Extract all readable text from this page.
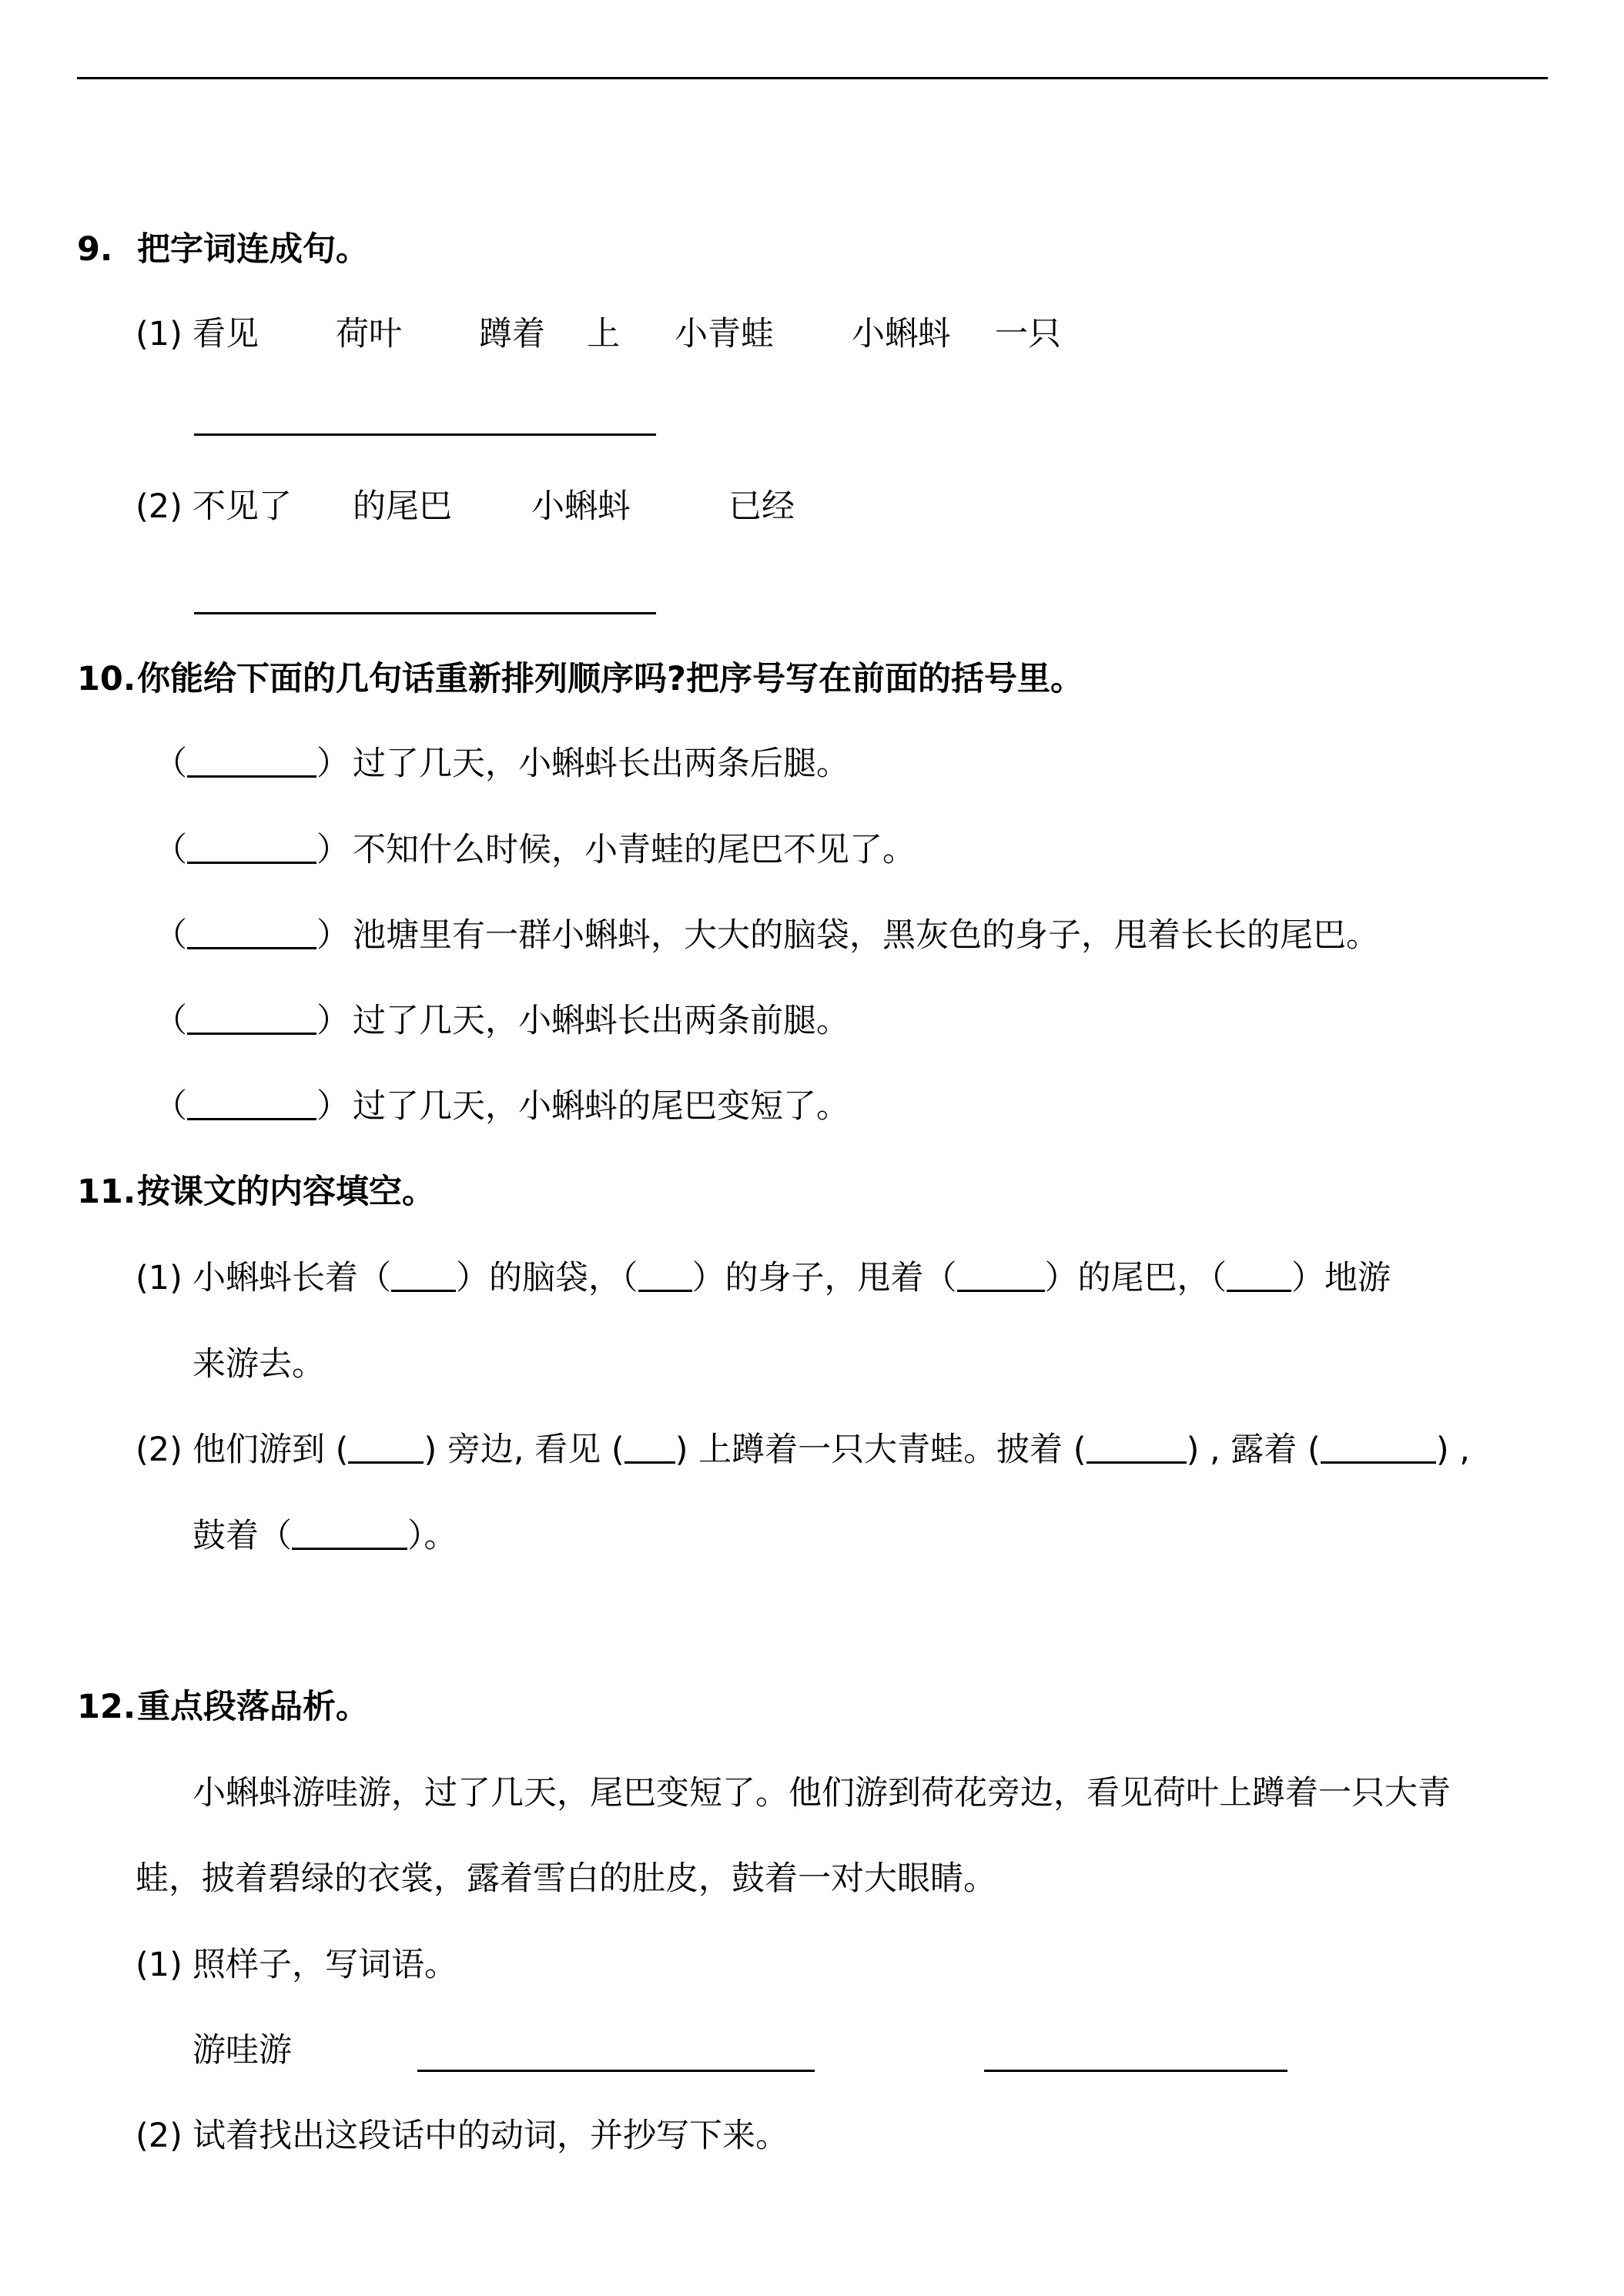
9. 把字词连成句。
(1) 看见 荷叶 蹲着 上 小青蛙 小蝌蚪 一只
(2) 不见了 的尾巴 小蝌蚪	已经
10.你能给下面的几句话重新排列顺序吗?把序号写在前面的括号里。
（	）过了几天，小蝌蚪长出两条后腿。
（	）不知什么时候，小青蛙的尾巴不见了。
（	）池塘里有一群小蝌蚪，大大的脑袋，黑灰色的身子，甩着长长的尾巴。
（	）过了几天，小蝌蚪长出两条前腿。
（	）过了几天，小蝌蚪的尾巴变短了。
11.按课文的内容填空。
(1) 小蝌蚪长着（ ）的脑袋，（ ）的身子，甩着（	）的尾巴，（ ）地游
来游去。
(2) 他们游到 ( ) 旁边, 看见 ( ) 上蹲着一只大青蛙。披着 (	) , 露着 (	) ,
鼓着（	）。
12.重点段落品析。
小蝌蚪游哇游，过了几天，尾巴变短了。他们游到荷花旁边，看见荷叶上蹲着一只大青
蛙，披着碧绿的衣裳，露着雪白的肚皮，鼓着一对大眼睛。
(1) 照样子，写词语。
游哇游
(2) 试着找出这段话中的动词，并抄写下来。
